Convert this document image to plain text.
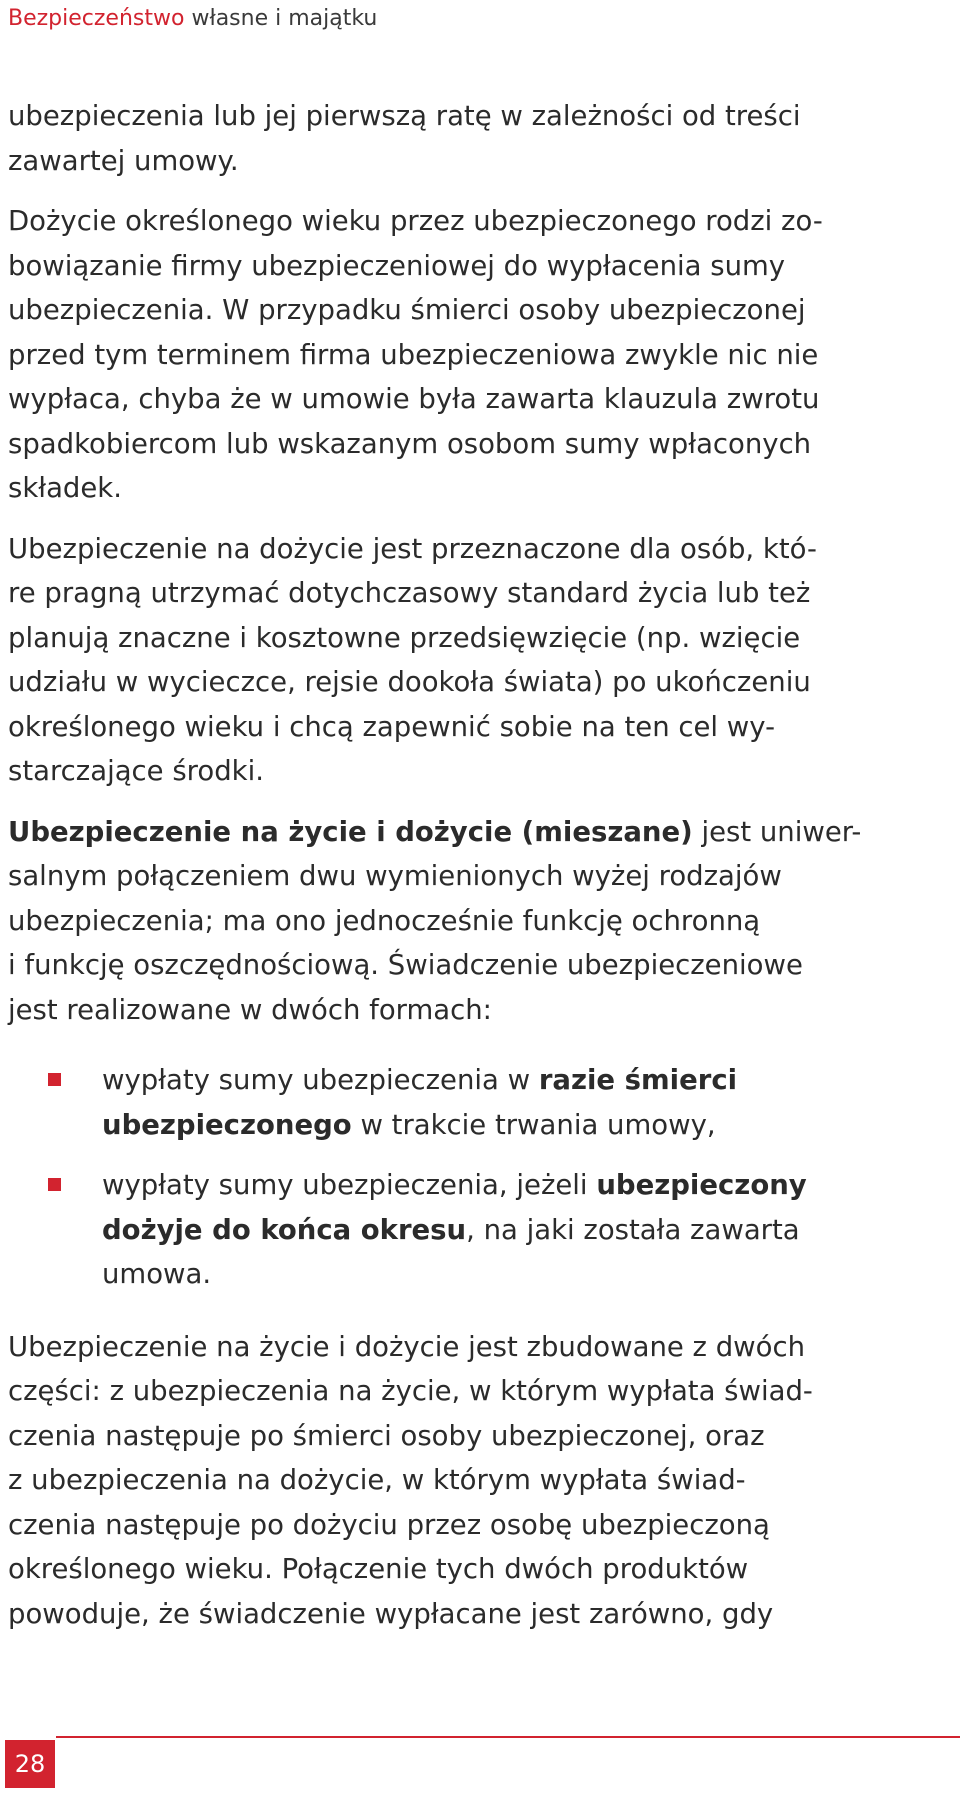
Bezpieczeństwo własne i majątku
ubezpieczenia lub jej pierwszą ratę w zależności od treści
zawartej umowy.
Dożycie określonego wieku przez ubezpieczonego rodzi zo-
bowiązanie firmy ubezpieczeniowej do wypłacenia sumy
ubezpieczenia. W przypadku śmierci osoby ubezpieczonej
przed tym terminem firma ubezpieczeniowa zwykle nic nie
wypłaca, chyba że w umowie była zawarta klauzula zwrotu
spadkobiercom lub wskazanym osobom sumy wpłaconych
składek.
Ubezpieczenie na dożycie jest przeznaczone dla osób, któ-
re pragną utrzymać dotychczasowy standard życia lub też
planują znaczne i kosztowne przedsięwzięcie (np. wzięcie
udziału w wycieczce, rejsie dookoła świata) po ukończeniu
określonego wieku i chcą zapewnić sobie na ten cel wy-
starczające środki.
Ubezpieczenie na życie i dożycie (mieszane) jest uniwer-
salnym połączeniem dwu wymienionych wyżej rodzajów
ubezpieczenia; ma ono jednocześnie funkcję ochronną
i funkcję oszczędnościową. Świadczenie ubezpieczeniowe
jest realizowane w dwóch formach:
wypłaty sumy ubezpieczenia w razie śmierci
ubezpieczonego w trakcie trwania umowy,
wypłaty sumy ubezpieczenia, jeżeli ubezpieczony
dożyje do końca okresu, na jaki została zawarta
umowa.
Ubezpieczenie na życie i dożycie jest zbudowane z dwóch
części: z ubezpieczenia na życie, w którym wypłata świad-
czenia następuje po śmierci osoby ubezpieczonej, oraz
z ubezpieczenia na dożycie, w którym wypłata świad-
czenia następuje po dożyciu przez osobę ubezpieczoną
określonego wieku. Połączenie tych dwóch produktów
powoduje, że świadczenie wypłacane jest zarówno, gdy
28
